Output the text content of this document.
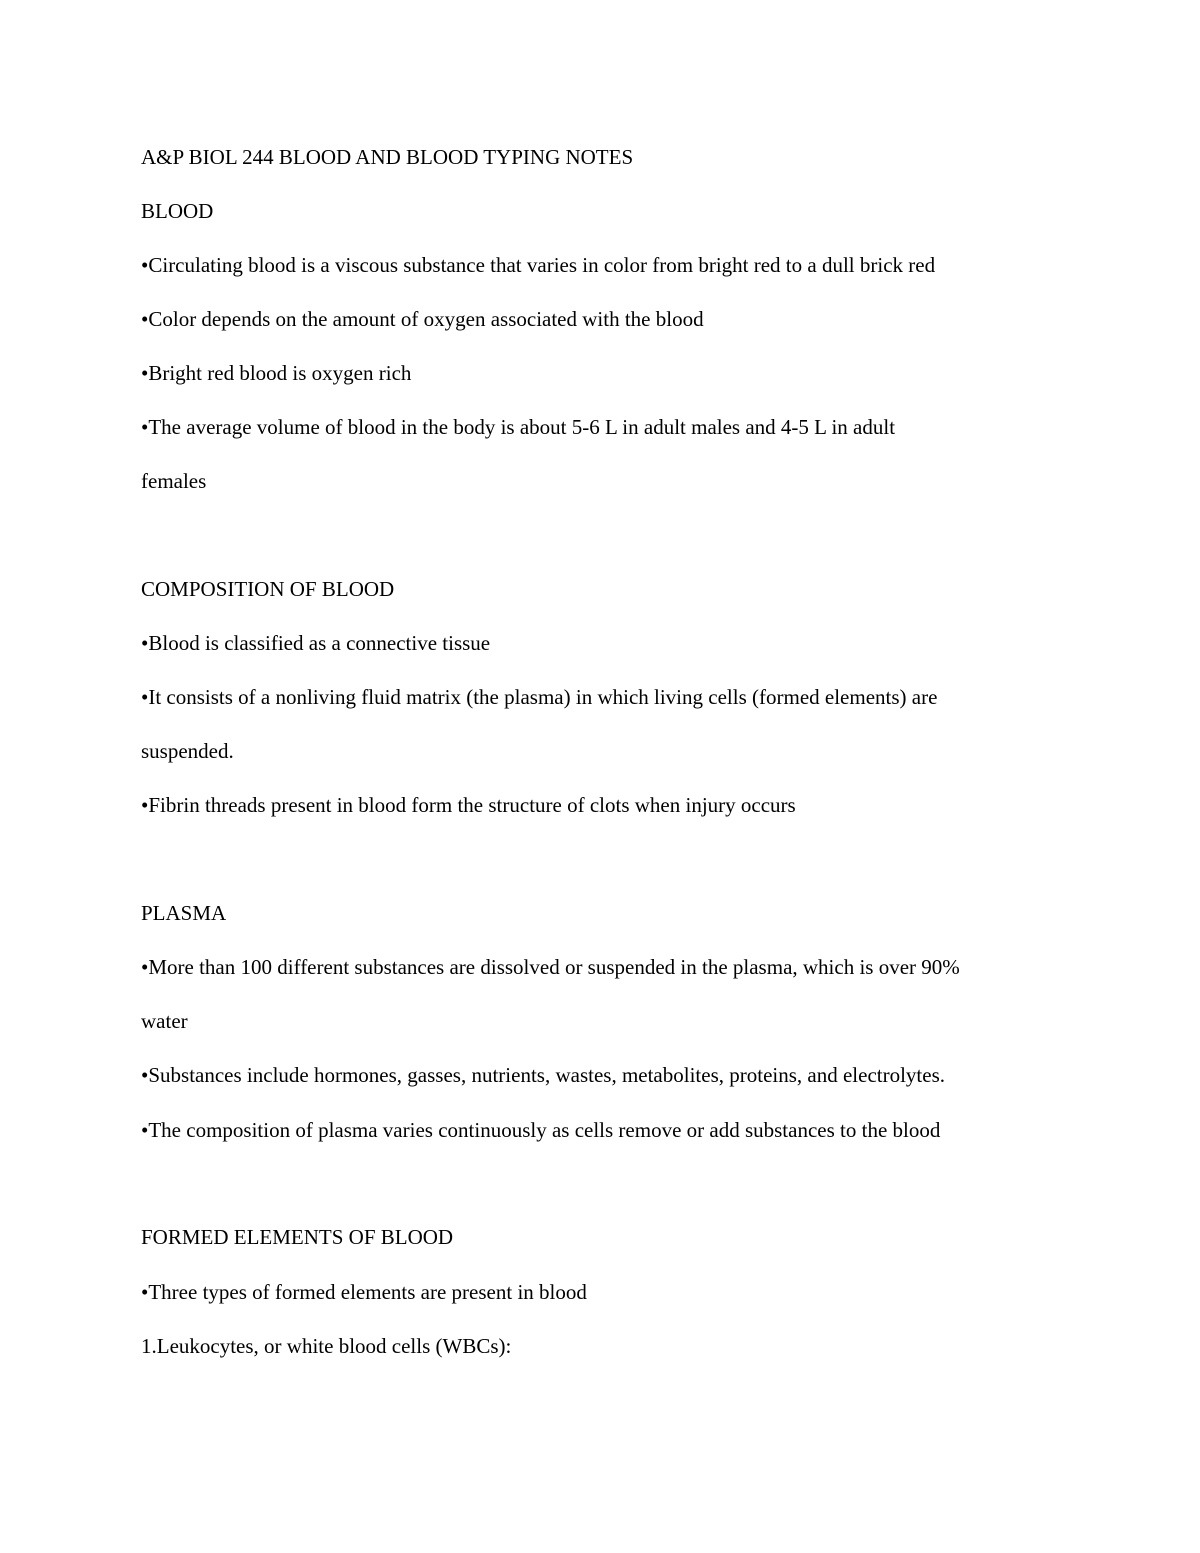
A&P BIOL 244 BLOOD AND BLOOD TYPING NOTES
BLOOD
•Circulating blood is a viscous substance that varies in color from bright red to a dull brick red
•Color depends on the amount of oxygen associated with the blood
•Bright red blood is oxygen rich
•The average volume of blood in the body is about 5-6 L in adult males and 4-5 L in adult
females
COMPOSITION OF BLOOD
•Blood is classified as a connective tissue
•It consists of a nonliving fluid matrix (the plasma) in which living cells (formed elements) are
suspended.
•Fibrin threads present in blood form the structure of clots when injury occurs
PLASMA
•More than 100 different substances are dissolved or suspended in the plasma, which is over 90%
water
•Substances include hormones, gasses, nutrients, wastes, metabolites, proteins, and electrolytes.
•The composition of plasma varies continuously as cells remove or add substances to the blood
FORMED ELEMENTS OF BLOOD
•Three types of formed elements are present in blood
1.Leukocytes, or white blood cells (WBCs):
